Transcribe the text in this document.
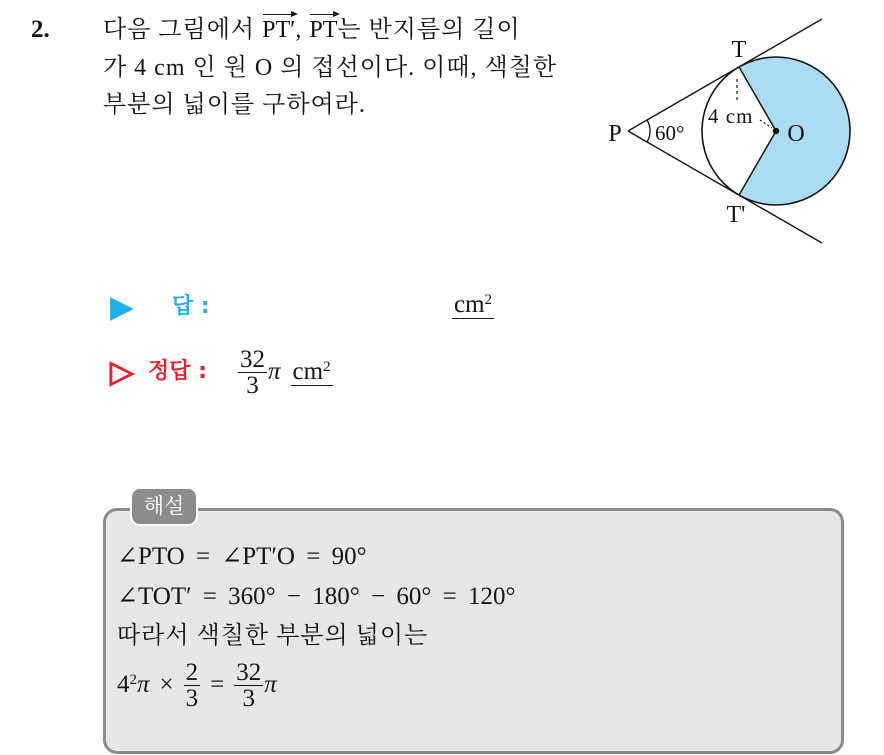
2. 다음 그림에서 PT′, PT는 반지름의 길이
가 4 cm 인 원 O 의 접선이다. 이때, 색칠한
부분의 넓이를 구하여라.
T
T'
P	O
60°
4 cm
▶ 답 :	$cm^2$
▷ 정답 : $\frac{32}{3}$ π $cm^2$
해설
∠PTO = ∠PT′O = 90°
∠TOT′ = 360° − 180° − 60° = 120°
따라서 색칠한 부분의 넓이는
$4^2\pi \times \frac{2}{3} = \frac{32}{3}$ π
